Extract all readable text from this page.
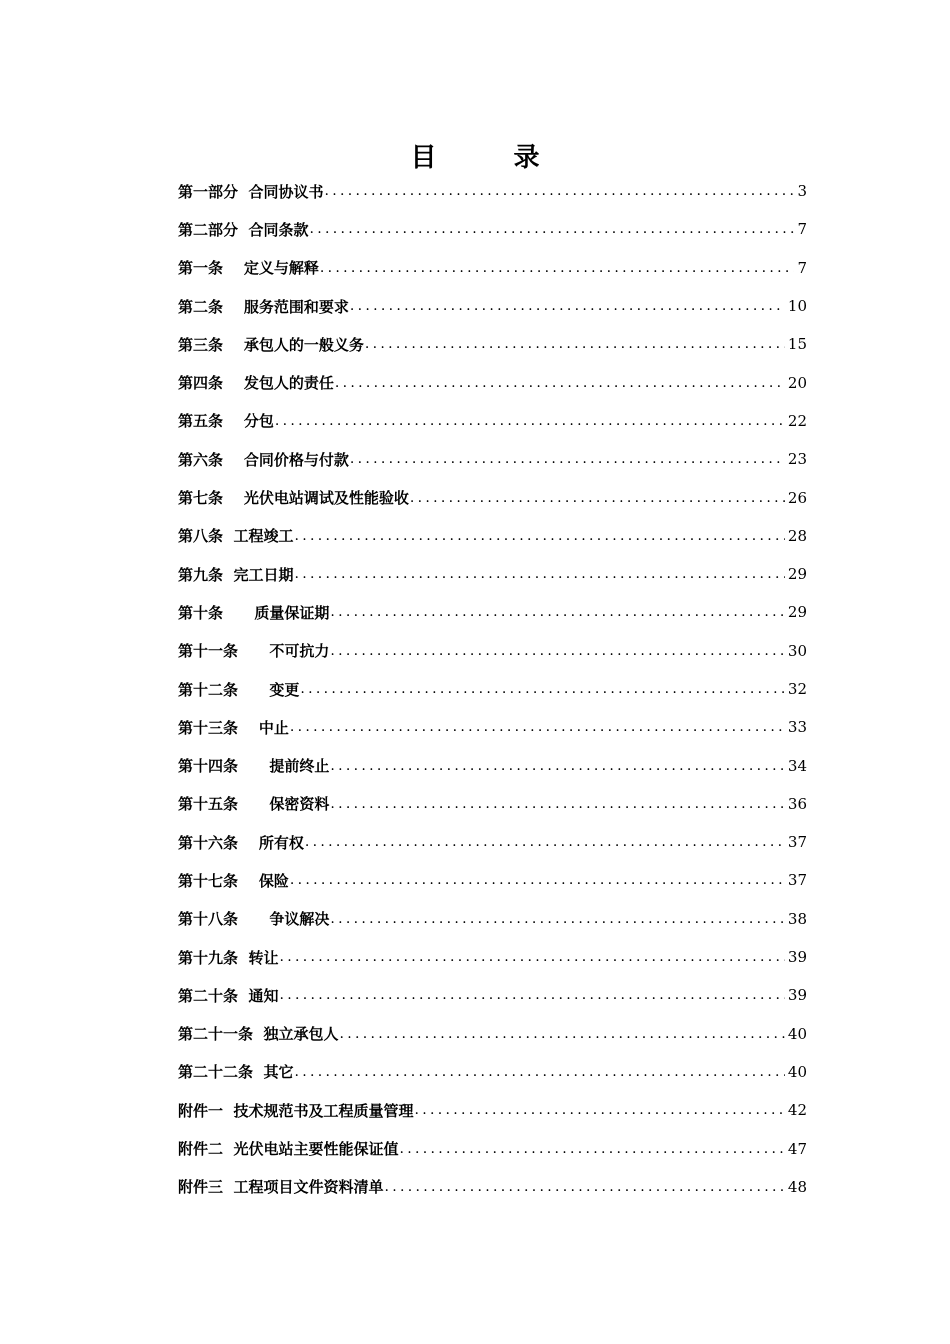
目 录
第一部分  合同协议书 .....	3
第二部分  合同条款 .....	7
第一条    定义与解释 .....	7
第二条    服务范围和要求 .....	10
第三条    承包人的一般义务 .....	15
第四条    发包人的责任 .....	20
第五条    分包 .....	22
第六条    合同价格与付款 .....	23
第七条    光伏电站调试及性能验收 .....	26
第八条  工程竣工 .....	28
第九条  完工日期 .....	29
第十条      质量保证期 .....	29
第十一条      不可抗力 .....	30
第十二条      变更 .....	32
第十三条    中止 .....	33
第十四条      提前终止 .....	34
第十五条      保密资料 .....	36
第十六条    所有权 .....	37
第十七条    保险 .....	37
第十八条      争议解决 .....	38
第十九条  转让 .....	39
第二十条  通知 .....	39
第二十一条  独立承包人 .....	40
第二十二条  其它 .....	40
附件一  技术规范书及工程质量管理 .....	42
附件二  光伏电站主要性能保证值 .....	47
附件三  工程项目文件资料清单 .....	48
